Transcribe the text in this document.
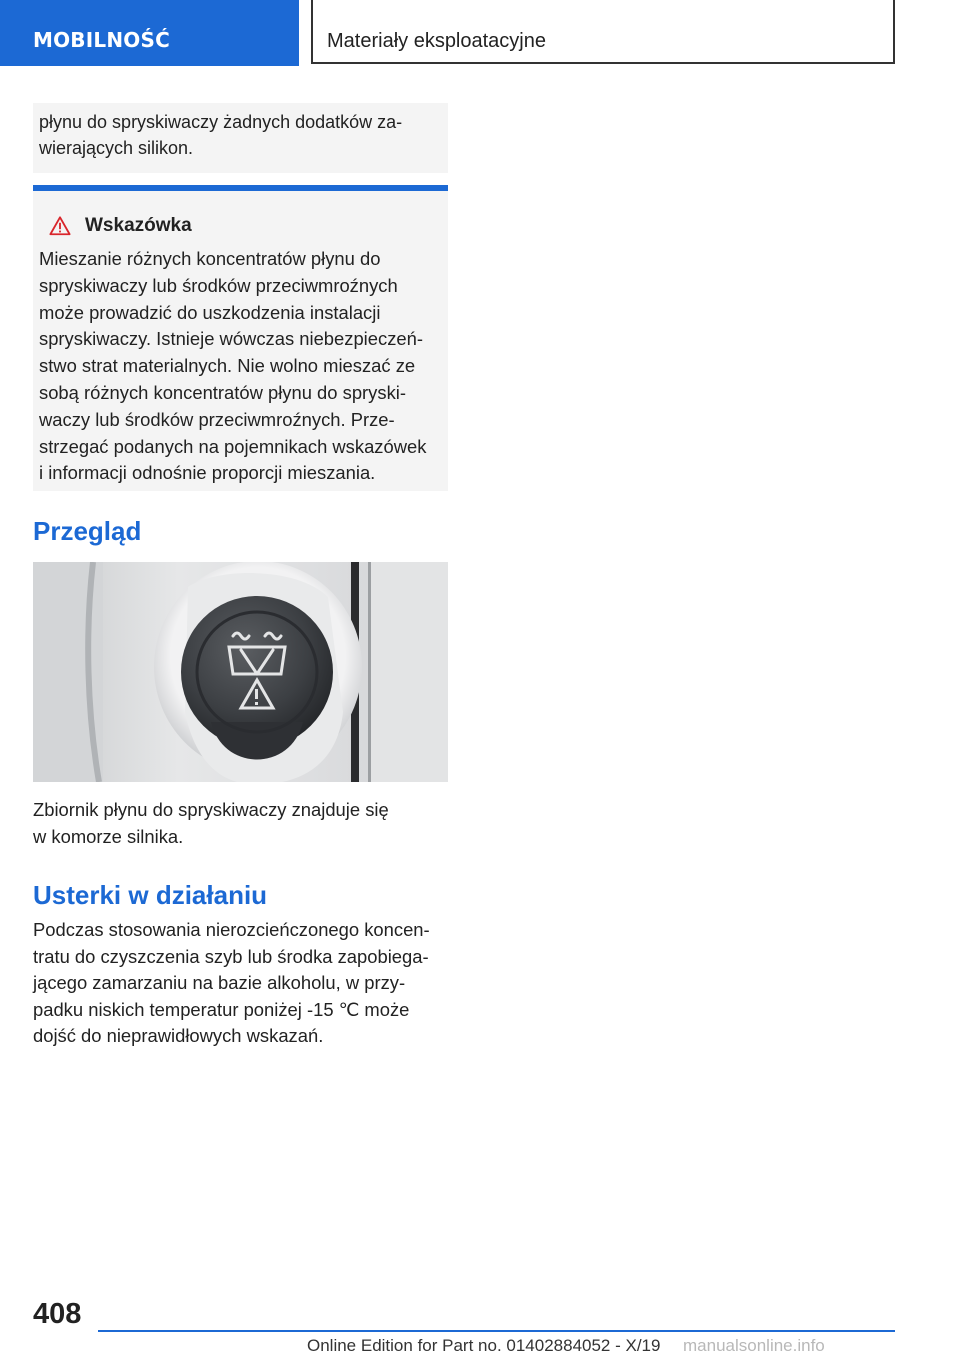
MOBILNOŚĆ	Materiały eksploatacyjne
płynu do spryskiwaczy żadnych dodatków za-
wierających silikon.
Wskazówka
Mieszanie różnych koncentratów płynu do
spryskiwaczy lub środków przeciwmroźnych
może prowadzić do uszkodzenia instalacji
spryskiwaczy. Istnieje wówczas niebezpieczeń-
stwo strat materialnych. Nie wolno mieszać ze
sobą różnych koncentratów płynu do spryski-
waczy lub środków przeciwmroźnych. Prze-
strzegać podanych na pojemnikach wskazówek
i informacji odnośnie proporcji mieszania.
Przegląd
Zbiornik płynu do spryskiwaczy znajduje się
w komorze silnika.
Usterki w działaniu
Podczas stosowania nierozcieńczonego koncen-
tratu do czyszczenia szyb lub środka zapobiega-
jącego zamarzaniu na bazie alkoholu, w przy-
padku niskich temperatur poniżej -15 ℃ może
dojść do nieprawidłowych wskazań.
408
Online Edition for Part no. 01402884052 - X/19 manualsonline.info
